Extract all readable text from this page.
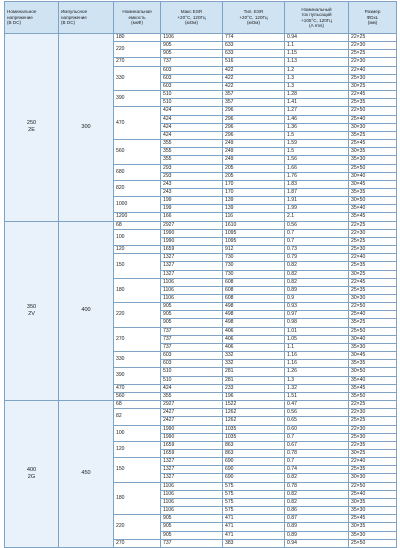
Номинальное
напряжение
(В DC)	Импульсное
напряжение
(В DC)	Номинальная
емкость
(мкФ)	Макс ESR
+20°C, 120Гц
(мОм)	Тип. ESR
+20°C, 120Гц
(мОм)	Номинальный
ток пульсаций
+105°C, 120Гц
(A rms)	Размер
ФDxL
(мм)
250
2E	300	180	1106	774	0.94	22×25
		220	905	633	1.1	22×30
			905	633	1.15	25×25
		270	737	516	1.13	22×30
		330	603	422	1.2	22×40
			603	422	1.3	25×30
			603	422	1.3	30×25
		390	510	357	1.28	22×45
			510	357	1.41	25×35
		470	424	296	1.27	22×50
			424	296	1.46	25×40
			424	296	1.36	30×30
			424	296	1.5	35×25
		560	355	249	1.59	25×45
			355	249	1.5	30×35
			355	249	1.56	35×30
		680	293	205	1.66	25×50
			293	205	1.76	30×40
		820	243	170	1.83	30×45
			243	170	1.87	35×35
		1000	199	139	1.91	30×50
			199	139	1.99	35×40
		1200	166	116	2.1	35×45
350
2V	400	68	2927	1610	0.56	22×25
		100	1990	1095	0.7	22×30
			1990	1095	0.7	25×25
		120	1659	912	0.73	25×30
		150	1327	730	0.79	22×40
			1327	730	0.82	25×35
			1327	730	0.82	30×25
		180	1106	608	0.82	22×45
			1106	608	0.89	25×35
			1106	608	0.9	30×30
		220	905	498	0.93	22×50
			905	498	0.97	25×40
			905	498	0.98	35×25
		270	737	406	1.01	25×50
			737	406	1.05	30×40
			737	406	1.1	35×30
		330	603	332	1.16	30×45
			603	332	1.16	35×35
		390	510	281	1.26	30×50
			510	281	1.3	35×40
		470	424	233	1.32	35×45
		560	355	196	1.51	35×50
400
2G	450	68	2927	1522	0.47	22×25
		82	2427	1262	0.56	22×30
			2427	1262	0.65	25×25
		100	1990	1035	0.60	22×30
			1990	1035	0.7	25×30
		120	1659	863	0.67	22×35
			1659	863	0.78	30×25
		150	1327	690	0.7	22×40
			1327	690	0.74	25×35
			1327	690	0.82	30×30
		180	1106	575	0.78	22×50
			1106	575	0.82	25×40
			1106	575	0.82	30×35
			1106	575	0.86	35×30
		220	905	471	0.87	25×45
			905	471	0.89	30×35
			905	471	0.89	35×30
		270	737	383	0.94	25×50
